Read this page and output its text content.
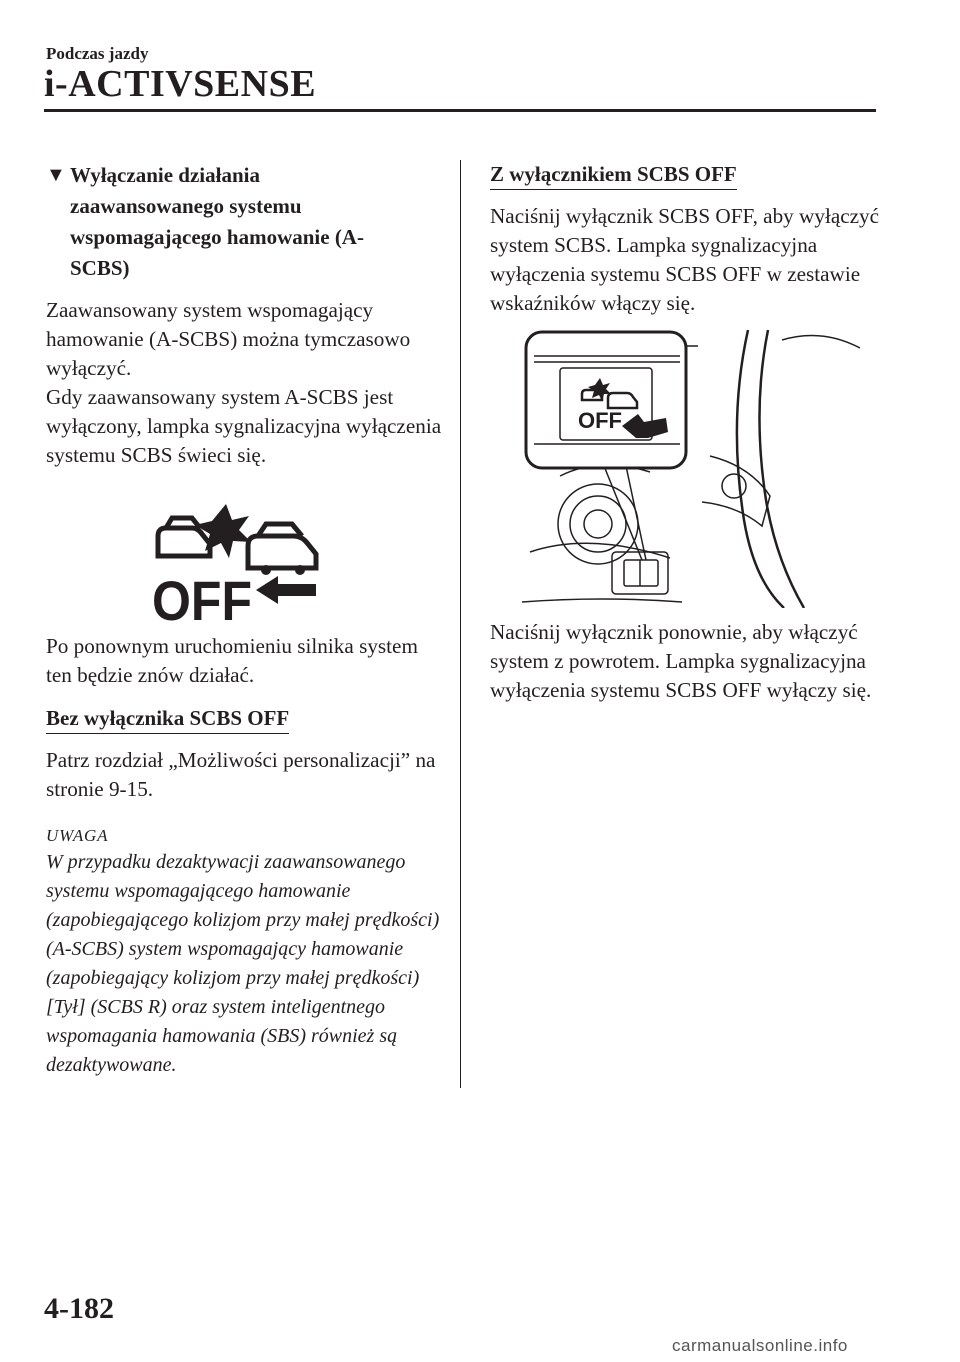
Podczas jazdy
i-ACTIVSENSE
▼ Wyłączanie działania zaawansowanego systemu wspomagającego hamowanie (A-SCBS)

Zaawansowany system wspomagający hamowanie (A-SCBS) można tymczasowo wyłączyć.

Gdy zaawansowany system A-SCBS jest wyłączony, lampka sygnalizacyjna wyłączenia systemu SCBS świeci się.

OFF

Po ponownym uruchomieniu silnika system ten będzie znów działać.

Bez wyłącznika SCBS OFF

Patrz rozdział „Możliwości personalizacji” na stronie 9-15.

UWAGA

W przypadku dezaktywacji zaawansowanego systemu wspomagającego hamowanie (zapobiegającego kolizjom przy małej prędkości) (A-SCBS) system wspomagający hamowanie (zapobiegający kolizjom przy małej prędkości) [Tył] (SCBS R) oraz system inteligentnego wspomagania hamowania (SBS) również są dezaktywowane.

Z wyłącznikiem SCBS OFF

Naciśnij wyłącznik SCBS OFF, aby wyłączyć system SCBS. Lampka sygnalizacyjna wyłączenia systemu SCBS OFF w zestawie wskaźników włączy się.

OFF

Naciśnij wyłącznik ponownie, aby włączyć system z powrotem. Lampka sygnalizacyjna wyłączenia systemu SCBS OFF wyłączy się.

4-182
carmanualsonline.info
